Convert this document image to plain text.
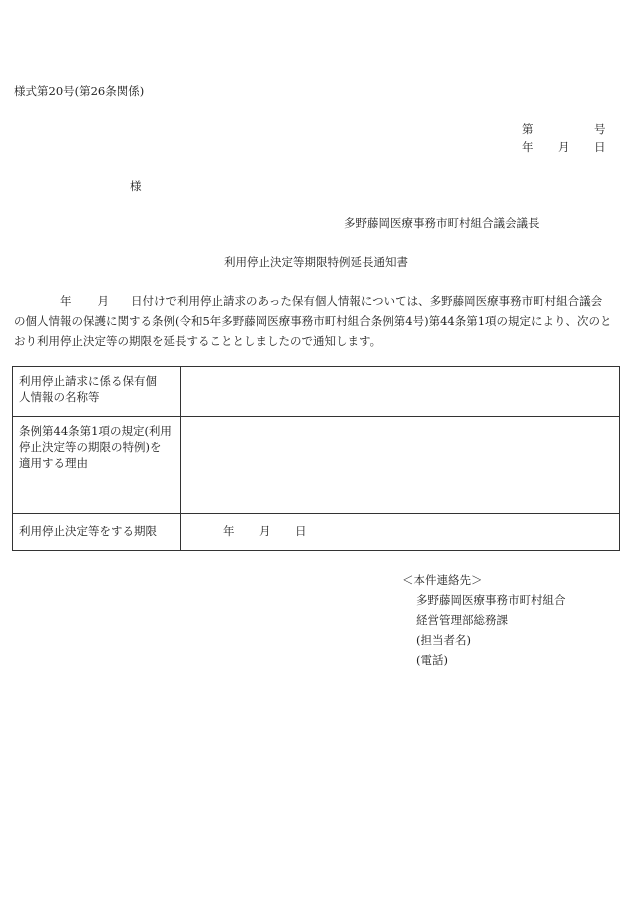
様式第20号(第26条関係)
第	号
年 月 日
様
多野藤岡医療事務市町村組合議会議長
利用停止決定等期限特例延長通知書
年 月 日付けで利用停止請求のあった保有個人情報については、多野藤岡医療事務市町村組合議会
の個人情報の保護に関する条例(令和5年多野藤岡医療事務市町村組合条例第4号)第44条第1項の規定により、次のと
おり利用停止決定等の期限を延長することとしましたので通知します。
利用停止請求に係る保有個
人情報の名称等	

条例第44条第1項の規定(利用
停止決定等の期限の特例)を
適用する理由	

利用停止決定等をする期限	年 月 日
＜本件連絡先＞
多野藤岡医療事務市町村組合
経営管理部総務課
(担当者名)
(電話)
